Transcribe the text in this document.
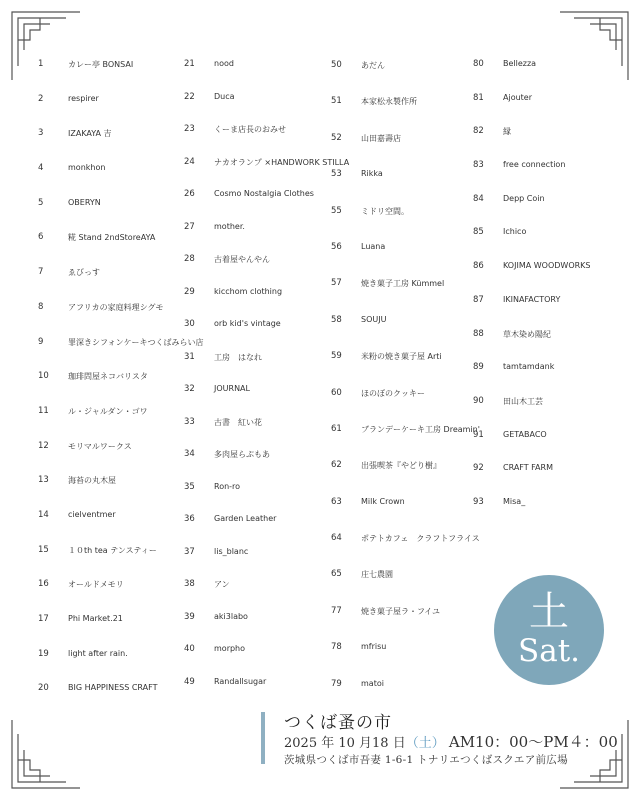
1	カレー亭 BONSAI
2	respirer
3	IZAKAYA 吉
4	monkhon
5	OBERYN
6	糀 Stand 2ndStoreAYA
7	ゑびっす
8	アフリカの家庭料理シグモ
9	罪深きシフォンケーキつくばみらい店
10	珈琲問屋ネコバリスタ
11	ル・ジャルダン・ゴワ
12	モリマルワークス
13	海苔の丸木屋
14	cielventmer
15	１０th tea テンスティー
16	オールドメモリ
17	Phi Market.21
19	light after rain.
20	BIG HAPPINESS CRAFT
21	nood
22	Duca
23	くーま店長のおみせ
24	ナカオランプ ×HANDWORK STILLA
26	Cosmo Nostalgia Clothes
27	mother.
28	古着屋やんやん
29	kicchom clothing
30	orb kid's vintage
31	工房　はなれ
32	JOURNAL
33	古書　紅い花
34	多肉屋らぷもあ
35	Ron-ro
36	Garden Leather
37	lis_blanc
38	アン
39	aki3labo
40	morpho
49	Randallsugar
50	あだん
51	本家松永製作所
52	山田嘉壽店
53	Rikka
55	ミドリ空間。
56	Luana
57	焼き菓子工房 Kümmel
58	SOUJU
59	米粉の焼き菓子屋 Arti
60	ほのぼのクッキー
61	ブランデーケーキ工房 Dreamin'
62	出張喫茶『やどり樹』
63	Milk Crown
64	ポテトカフェ　クラフトフライス
65	庄七農園
77	焼き菓子屋ラ・フイユ
78	mfrisu
79	matoi
80	Bellezza
81	Ajouter
82	縁
83	free connection
84	Depp Coin
85	Ichico
86	KOJIMA WOODWORKS
87	IKINAFACTORY
88	草木染め陽紀
89	tamtamdank
90	田山木工芸
91	GETABACO
92	CRAFT FARM
93	Misa_
土
Sat.
つくば蚤の市
2025 年 10 月18 日（土） AM10：00～PM４：00
茨城県つくば市吾妻 1-6-1 トナリエつくばスクエア前広場
